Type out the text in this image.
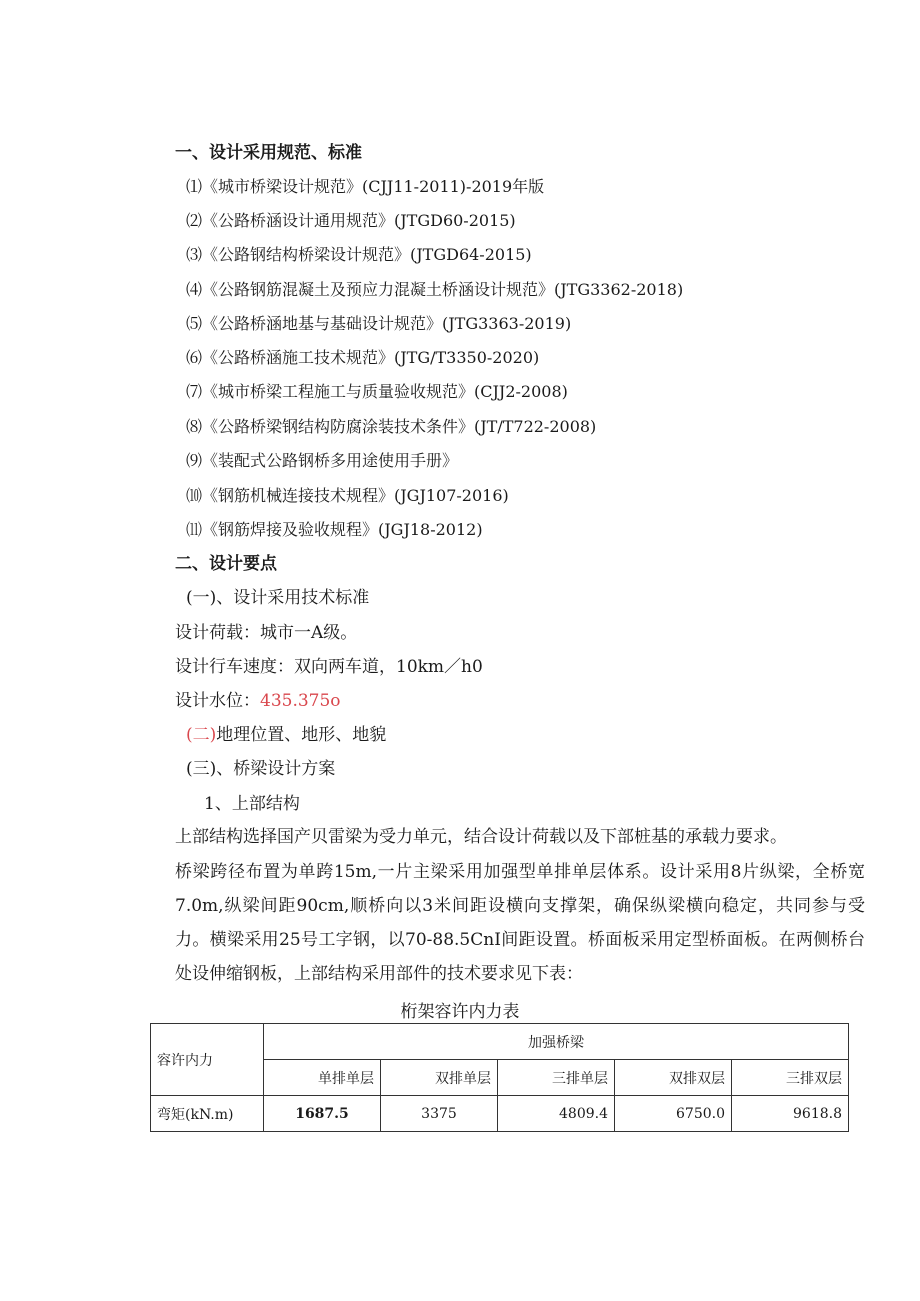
一、设计采用规范、标准
⑴《城市桥梁设计规范》(CJJ11-2011)-2019年版
⑵《公路桥涵设计通用规范》(JTGD60-2015)
⑶《公路钢结构桥梁设计规范》(JTGD64-2015)
⑷《公路钢筋混凝土及预应力混凝土桥涵设计规范》(JTG3362-2018)
⑸《公路桥涵地基与基础设计规范》(JTG3363-2019)
⑹《公路桥涵施工技术规范》(JTG/T3350-2020)
⑺《城市桥梁工程施工与质量验收规范》(CJJ2-2008)
⑻《公路桥梁钢结构防腐涂装技术条件》(JT/T722-2008)
⑼《装配式公路钢桥多用途使用手册》
⑽《钢筋机械连接技术规程》(JGJ107-2016)
⑾《钢筋焊接及验收规程》(JGJ18-2012)
二、设计要点
(一)、设计采用技术标准
设计荷载：城市一A级。
设计行车速度：双向两车道，10km／h0
设计水位：435.375o
(二)地理位置、地形、地貌
(三)、桥梁设计方案
1、上部结构
上部结构选择国产贝雷梁为受力单元，结合设计荷载以及下部桩基的承载力要求。
桥梁跨径布置为单跨15m,一片主梁采用加强型单排单层体系。设计采用8片纵梁，全桥宽7.0m,纵梁间距90cm,顺桥向以3米间距设横向支撑架，确保纵梁横向稳定，共同参与受力。横梁采用25号工字钢，以70-88.5CnI间距设置。桥面板采用定型桥面板。在两侧桥台处设伸缩钢板，上部结构采用部件的技术要求见下表：
桁架容许内力表
容许内力	加强桥梁				
	单排单层	双排单层	三排单层	双排双层	三排双层
弯矩(kN.m)	1687.5	3375	4809.4	6750.0	9618.8
